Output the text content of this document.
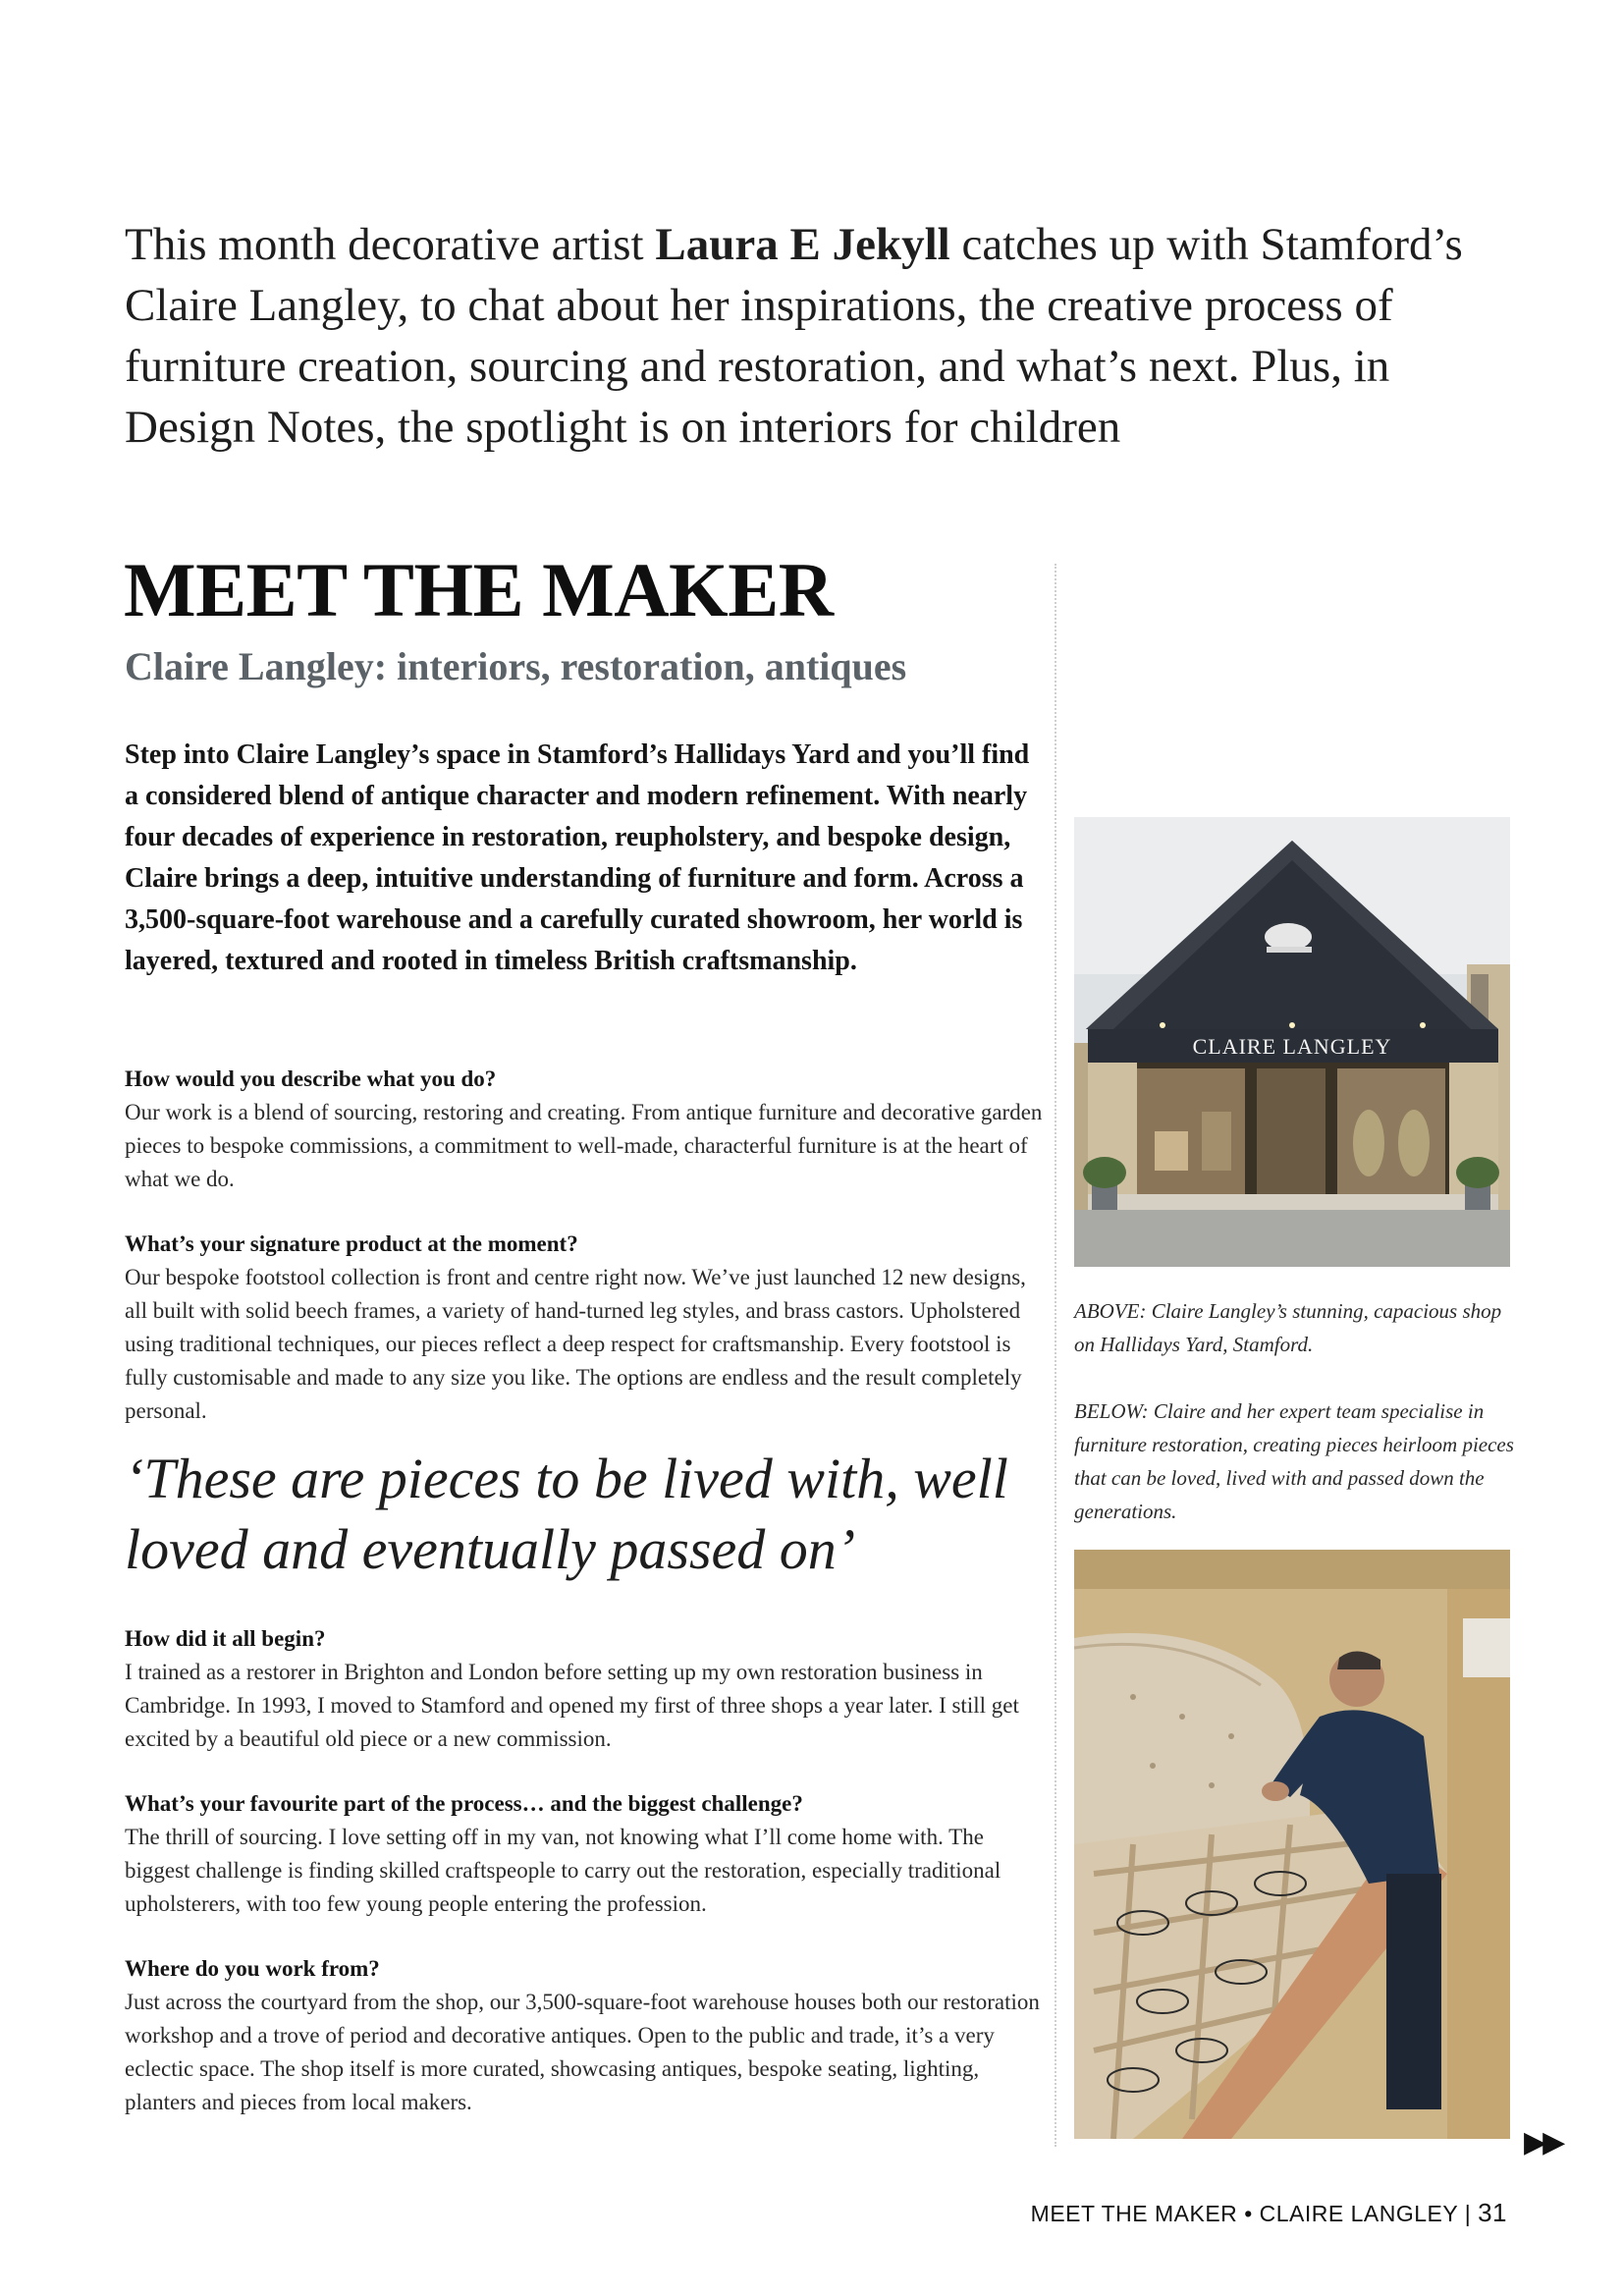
This month decorative artist Laura E Jekyll catches up with Stamford’s Claire Langley, to chat about her inspirations, the creative process of furniture creation, sourcing and restoration, and what’s next. Plus, in Design Notes, the spotlight is on interiors for children
MEET THE MAKER
Claire Langley: interiors, restoration, antiques
Step into Claire Langley’s space in Stamford’s Hallidays Yard and you’ll find a considered blend of antique character and modern refinement. With nearly four decades of experience in restoration, reupholstery, and bespoke design, Claire brings a deep, intuitive understanding of furniture and form. Across a 3,500-square-foot warehouse and a carefully curated showroom, her world is layered, textured and rooted in timeless British craftsmanship.
How would you describe what you do?
Our work is a blend of sourcing, restoring and creating. From antique furniture and decorative garden pieces to bespoke commissions, a commitment to well-made, characterful furniture is at the heart of what we do.
What’s your signature product at the moment?
Our bespoke footstool collection is front and centre right now. We’ve just launched 12 new designs, all built with solid beech frames, a variety of hand-turned leg styles, and brass castors. Upholstered using traditional techniques, our pieces reflect a deep respect for craftsmanship. Every footstool is fully customisable and made to any size you like. The options are endless and the result completely personal.
‘These are pieces to be lived with, well loved and eventually passed on’
How did it all begin?
I trained as a restorer in Brighton and London before setting up my own restoration business in Cambridge. In 1993, I moved to Stamford and opened my first of three shops a year later. I still get excited by a beautiful old piece or a new commission.
What’s your favourite part of the process… and the biggest challenge?
The thrill of sourcing. I love setting off in my van, not knowing what I’ll come home with. The biggest challenge is finding skilled craftspeople to carry out the restoration, especially traditional upholsterers, with too few young people entering the profession.
Where do you work from?
Just across the courtyard from the shop, our 3,500-square-foot warehouse houses both our restoration workshop and a trove of period and decorative antiques. Open to the public and trade, it’s a very eclectic space. The shop itself is more curated, showcasing antiques, bespoke seating, lighting, planters and pieces from local makers.
CLAIRE LANGLEY
ABOVE: Claire Langley’s stunning, capacious shop on Hallidays Yard, Stamford.
BELOW: Claire and her expert team specialise in furniture restoration, creating pieces heirloom pieces that can be loved, lived with and passed down the generations.
▶▶
MEET THE MAKER • CLAIRE LANGLEY | 31
